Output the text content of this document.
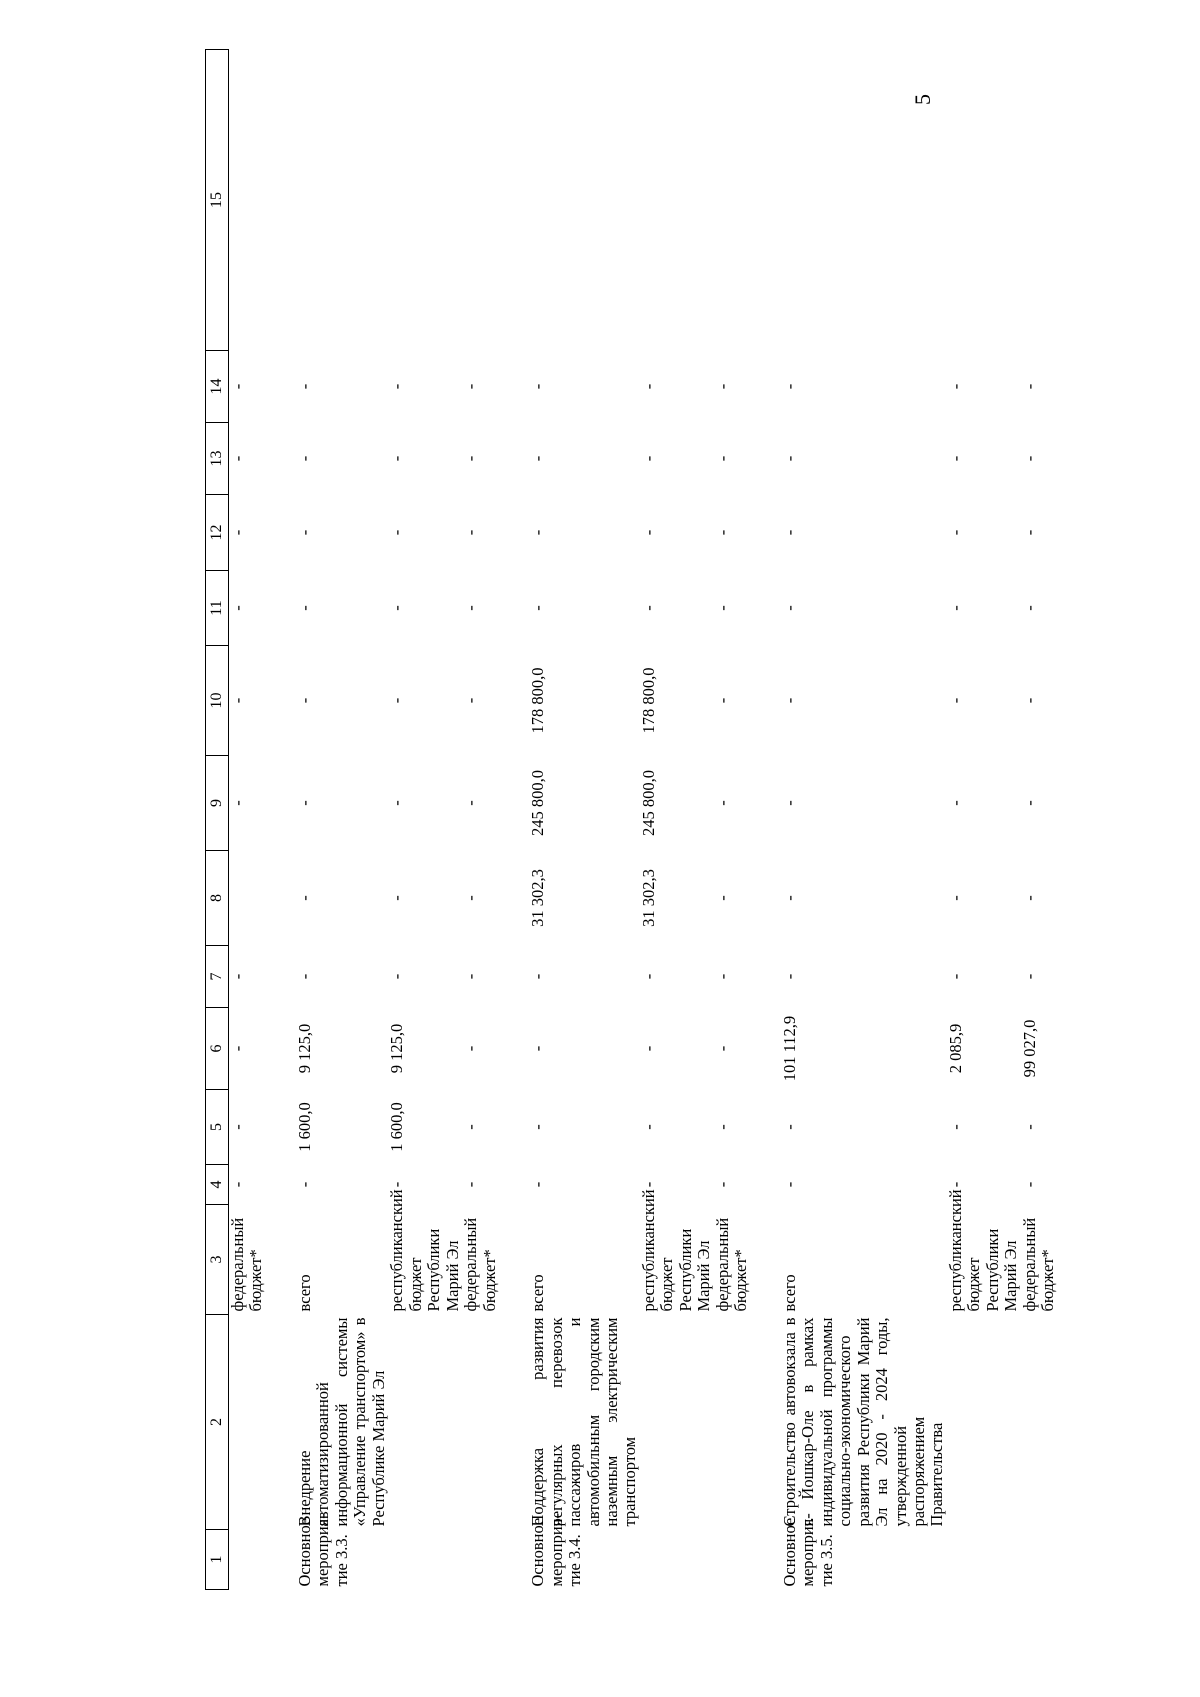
5
1	2	3	4	5	6	7	8	9	10	11	12	13	14	15
		федеральный бюджет*	-	-	-	-		-	-	-	-	-	-	

Основное мероприя-тие 3.3.	Внедрение автоматизированной информационной системы «Управление транспортом» в Республике Марий Эл	всего	-	1 600,0	9 125,0	-	-	-	-	-	-	-	-	
		республиканский бюджет Республики Марий Эл	-	1 600,0	9 125,0	-	-	-	-	-	-	-	-	
		федеральный бюджет*	-	-	-	-	-	-	-	-	-	-	-	

Основное мероприя-тие 3.4.	Поддержка развития регулярных перевозок пассажиров и автомобильным городским наземным электрическим транспортом	всего	-	-	-	-	31 302,3	245 800,0	178 800,0	-	-	-	-	
		республиканский бюджет Республики Марий Эл	-	-	-	-	31 302,3	245 800,0	178 800,0	-	-	-	-	
		федеральный бюджет*	-	-	-	-	-	-	-	-	-	-	-	

Основное мероприя-тие 3.5.	Строительство автовокзала в г. Йошкар-Оле в рамках индивидуальной программы социально-экономического развития Республики Марий Эл на 2020 - 2024 годы, утвержденной распоряжением Правительства	всего	-	-	101 112,9	-	-	-	-	-	-	-	-	
		республиканский бюджет Республики Марий Эл	-	-	2 085,9	-	-	-	-	-	-	-	-	
		федеральный бюджет*	-	-	99 027,0	-	-	-	-	-	-	-	-	
